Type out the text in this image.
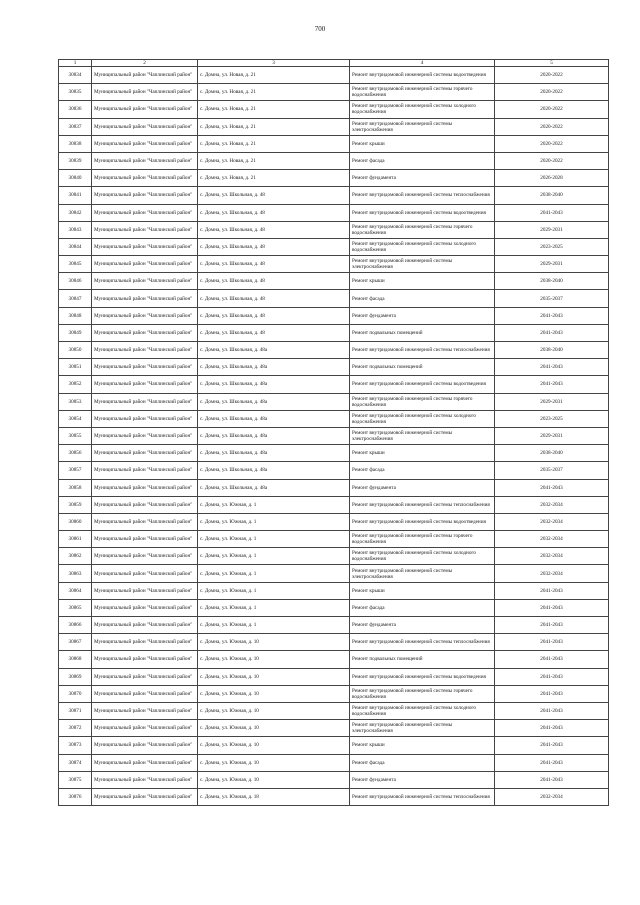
700
1	2	3	4	5
30834	Муниципальный район "Чаплинский район"	с. Домна, ул. Новая, д. 21	Ремонт внутридомовой инженерной системы водоотведения	2020-2022
30835	Муниципальный район "Чаплинский район"	с. Домна, ул. Новая, д. 21	Ремонт внутридомовой инженерной системы горячего водоснабжения	2020-2022
30836	Муниципальный район "Чаплинский район"	с. Домна, ул. Новая, д. 21	Ремонт внутридомовой инженерной системы холодного водоснабжения	2020-2022
30837	Муниципальный район "Чаплинский район"	с. Домна, ул. Новая, д. 21	Ремонт внутридомовой инженерной системы электроснабжения	2020-2022
30838	Муниципальный район "Чаплинский район"	с. Домна, ул. Новая, д. 21	Ремонт крыши	2020-2022
30839	Муниципальный район "Чаплинский район"	с. Домна, ул. Новая, д. 21	Ремонт фасада	2020-2022
30840	Муниципальный район "Чаплинский район"	с. Домна, ул. Новая, д. 21	Ремонт фундамента	2026-2028
30841	Муниципальный район "Чаплинский район"	с. Домна, ул. Школьная, д. 48	Ремонт внутридомовой инженерной системы теплоснабжения	2038-2040
30842	Муниципальный район "Чаплинский район"	с. Домна, ул. Школьная, д. 48	Ремонт внутридомовой инженерной системы водоотведения	2041-2043
30843	Муниципальный район "Чаплинский район"	с. Домна, ул. Школьная, д. 48	Ремонт внутридомовой инженерной системы горячего водоснабжения	2029-2031
30844	Муниципальный район "Чаплинский район"	с. Домна, ул. Школьная, д. 48	Ремонт внутридомовой инженерной системы холодного водоснабжения	2023-2025
30845	Муниципальный район "Чаплинский район"	с. Домна, ул. Школьная, д. 48	Ремонт внутридомовой инженерной системы электроснабжения	2029-2031
30846	Муниципальный район "Чаплинский район"	с. Домна, ул. Школьная, д. 48	Ремонт крыши	2038-2040
30847	Муниципальный район "Чаплинский район"	с. Домна, ул. Школьная, д. 48	Ремонт фасада	2035-2037
30848	Муниципальный район "Чаплинский район"	с. Домна, ул. Школьная, д. 48	Ремонт фундамента	2041-2043
30849	Муниципальный район "Чаплинский район"	с. Домна, ул. Школьная, д. 48	Ремонт подвальных помещений	2041-2043
30850	Муниципальный район "Чаплинский район"	с. Домна, ул. Школьная, д. 48а	Ремонт внутридомовой инженерной системы теплоснабжения	2038-2040
30851	Муниципальный район "Чаплинский район"	с. Домна, ул. Школьная, д. 48а	Ремонт подвальных помещений	2041-2043
30852	Муниципальный район "Чаплинский район"	с. Домна, ул. Школьная, д. 48а	Ремонт внутридомовой инженерной системы водоотведения	2041-2043
30853	Муниципальный район "Чаплинский район"	с. Домна, ул. Школьная, д. 48а	Ремонт внутридомовой инженерной системы горячего водоснабжения	2029-2031
30854	Муниципальный район "Чаплинский район"	с. Домна, ул. Школьная, д. 48а	Ремонт внутридомовой инженерной системы холодного водоснабжения	2023-2025
30855	Муниципальный район "Чаплинский район"	с. Домна, ул. Школьная, д. 48а	Ремонт внутридомовой инженерной системы электроснабжения	2029-2031
30856	Муниципальный район "Чаплинский район"	с. Домна, ул. Школьная, д. 48а	Ремонт крыши	2038-2040
30857	Муниципальный район "Чаплинский район"	с. Домна, ул. Школьная, д. 48а	Ремонт фасада	2035-2037
30858	Муниципальный район "Чаплинский район"	с. Домна, ул. Школьная, д. 48а	Ремонт фундамента	2041-2043
30859	Муниципальный район "Чаплинский район"	с. Домна, ул. Южная, д. 1	Ремонт внутридомовой инженерной системы теплоснабжения	2032-2034
30860	Муниципальный район "Чаплинский район"	с. Домна, ул. Южная, д. 1	Ремонт внутридомовой инженерной системы водоотведения	2032-2034
30861	Муниципальный район "Чаплинский район"	с. Домна, ул. Южная, д. 1	Ремонт внутридомовой инженерной системы горячего водоснабжения	2032-2034
30862	Муниципальный район "Чаплинский район"	с. Домна, ул. Южная, д. 1	Ремонт внутридомовой инженерной системы холодного водоснабжения	2032-2034
30863	Муниципальный район "Чаплинский район"	с. Домна, ул. Южная, д. 1	Ремонт внутридомовой инженерной системы электроснабжения	2032-2034
30864	Муниципальный район "Чаплинский район"	с. Домна, ул. Южная, д. 1	Ремонт крыши	2041-2043
30865	Муниципальный район "Чаплинский район"	с. Домна, ул. Южная, д. 1	Ремонт фасада	2041-2043
30866	Муниципальный район "Чаплинский район"	с. Домна, ул. Южная, д. 1	Ремонт фундамента	2041-2043
30867	Муниципальный район "Чаплинский район"	с. Домна, ул. Южная, д. 10	Ремонт внутридомовой инженерной системы теплоснабжения	2041-2043
30868	Муниципальный район "Чаплинский район"	с. Домна, ул. Южная, д. 10	Ремонт подвальных помещений	2041-2043
30869	Муниципальный район "Чаплинский район"	с. Домна, ул. Южная, д. 10	Ремонт внутридомовой инженерной системы водоотведения	2041-2043
30870	Муниципальный район "Чаплинский район"	с. Домна, ул. Южная, д. 10	Ремонт внутридомовой инженерной системы горячего водоснабжения	2041-2043
30871	Муниципальный район "Чаплинский район"	с. Домна, ул. Южная, д. 10	Ремонт внутридомовой инженерной системы холодного водоснабжения	2041-2043
30872	Муниципальный район "Чаплинский район"	с. Домна, ул. Южная, д. 10	Ремонт внутридомовой инженерной системы электроснабжения	2041-2043
30873	Муниципальный район "Чаплинский район"	с. Домна, ул. Южная, д. 10	Ремонт крыши	2041-2043
30874	Муниципальный район "Чаплинский район"	с. Домна, ул. Южная, д. 10	Ремонт фасада	2041-2043
30875	Муниципальный район "Чаплинский район"	с. Домна, ул. Южная, д. 10	Ремонт фундамента	2041-2043
30876	Муниципальный район "Чаплинский район"	с. Домна, ул. Южная, д. 18	Ремонт внутридомовой инженерной системы теплоснабжения	2032-2034
